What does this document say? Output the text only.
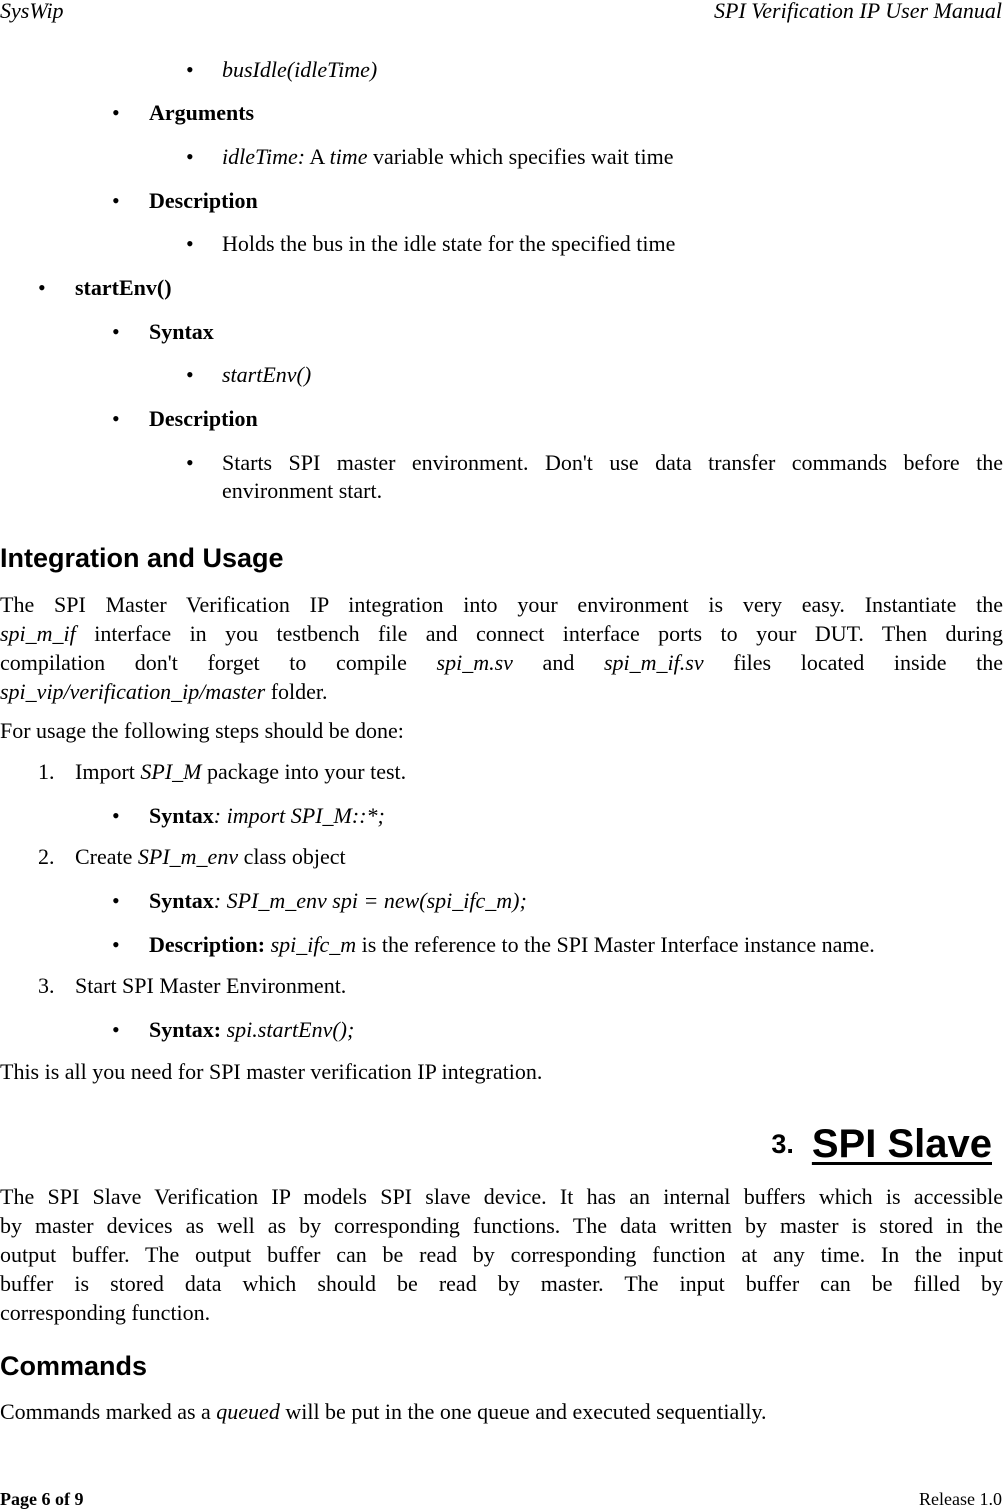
SysWip	SPI Verification IP User Manual
• busIdle(idleTime)
• Arguments
• idleTime: A time variable which specifies wait time
• Description
• Holds the bus in the idle state for the specified time
• startEnv()
• Syntax
• startEnv()
• Description
• Starts SPI master environment. Don't use data transfer commands before the
environment start.
Integration and Usage
The SPI Master Verification IP integration into your environment is very easy. Instantiate the
spi_m_if interface in you testbench file and connect interface ports to your DUT. Then during
compilation don't forget to compile spi_m.sv and spi_m_if.sv files located inside the
spi_vip/verification_ip/master folder.
For usage the following steps should be done:
1. Import SPI_M package into your test.
• Syntax: import SPI_M::*;
2. Create SPI_m_env class object
• Syntax: SPI_m_env spi = new(spi_ifc_m);
• Description: spi_ifc_m is the reference to the SPI Master Interface instance name.
3. Start SPI Master Environment.
• Syntax: spi.startEnv();
This is all you need for SPI master verification IP integration.
3. SPI Slave
The SPI Slave Verification IP models SPI slave device. It has an internal buffers which is accessible
by master devices as well as by corresponding functions. The data written by master is stored in the
output buffer. The output buffer can be read by corresponding function at any time. In the input
buffer is stored data which should be read by master. The input buffer can be filled by
corresponding function.
Commands
Commands marked as a queued will be put in the one queue and executed sequentially.
Page 6 of 9	Release 1.0
